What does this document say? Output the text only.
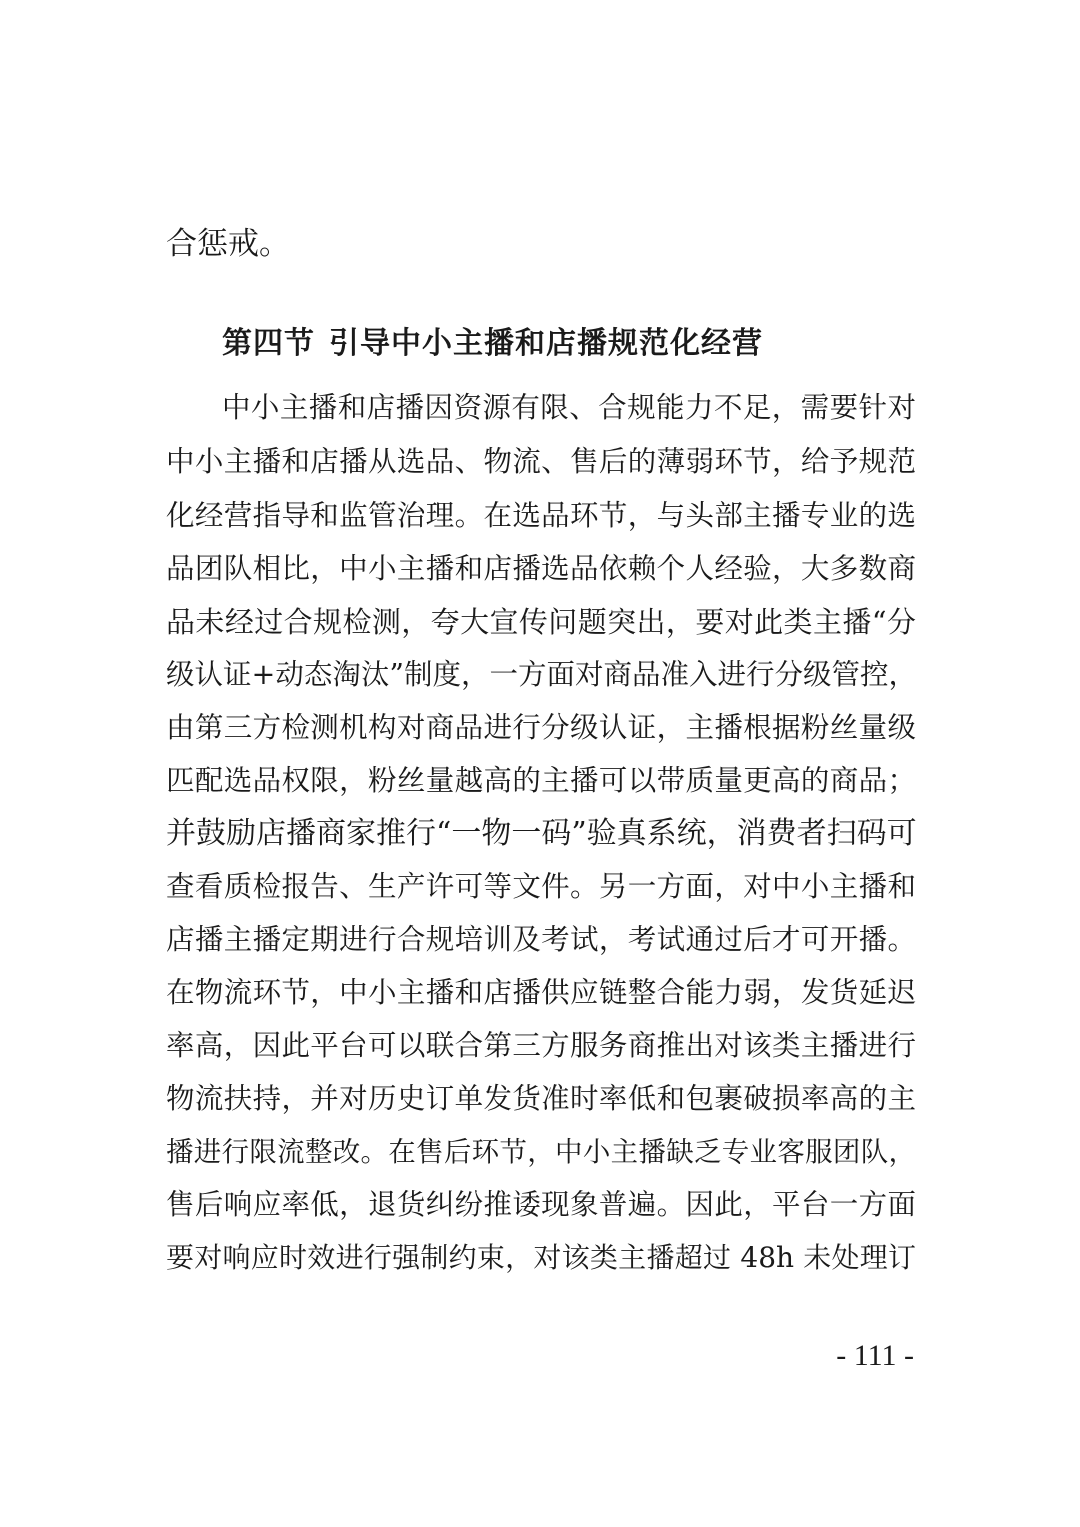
合惩戒。
第四节 引导中小主播和店播规范化经营
中小主播和店播因资源有限、合规能力不足，需要针对
中小主播和店播从选品、物流、售后的薄弱环节，给予规范
化经营指导和监管治理。在选品环节，与头部主播专业的选
品团队相比，中小主播和店播选品依赖个人经验，大多数商
品未经过合规检测，夸大宣传问题突出，要对此类主播“分
级认证+动态淘汰”制度，一方面对商品准入进行分级管控，
由第三方检测机构对商品进行分级认证，主播根据粉丝量级
匹配选品权限，粉丝量越高的主播可以带质量更高的商品；
并鼓励店播商家推行“一物一码”验真系统，消费者扫码可
查看质检报告、生产许可等文件。另一方面，对中小主播和
店播主播定期进行合规培训及考试，考试通过后才可开播。
在物流环节，中小主播和店播供应链整合能力弱，发货延迟
率高，因此平台可以联合第三方服务商推出对该类主播进行
物流扶持，并对历史订单发货准时率低和包裹破损率高的主
播进行限流整改。在售后环节，中小主播缺乏专业客服团队，
售后响应率低，退货纠纷推诿现象普遍。因此，平台一方面
要对响应时效进行强制约束，对该类主播超过 48h 未处理订
- 111 -
